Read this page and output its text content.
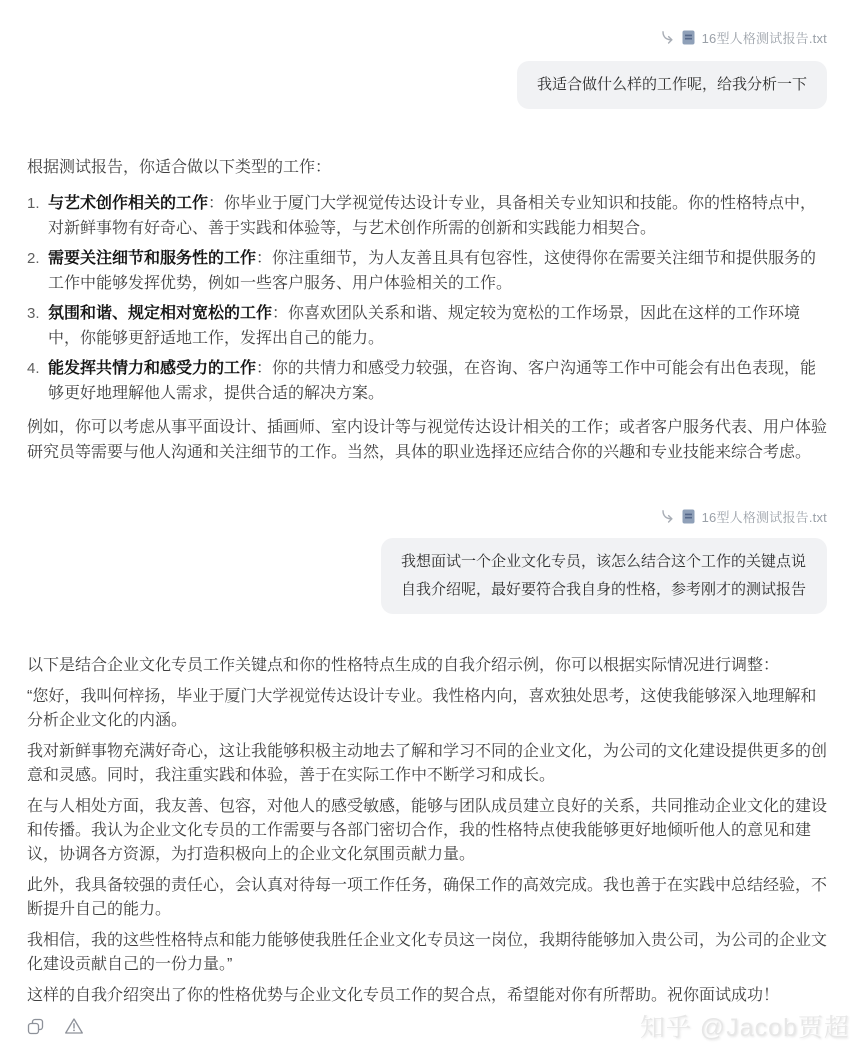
16型人格测试报告.txt
我适合做什么样的工作呢，给我分析一下

根据测试报告，你适合做以下类型的工作：

1. 与艺术创作相关的工作：你毕业于厦门大学视觉传达设计专业，具备相关专业知识和技能。你的性格特点中，对新鲜事物有好奇心、善于实践和体验等，与艺术创作所需的创新和实践能力相契合。
2. 需要关注细节和服务性的工作：你注重细节，为人友善且具有包容性，这使得你在需要关注细节和提供服务的工作中能够发挥优势，例如一些客户服务、用户体验相关的工作。
3. 氛围和谐、规定相对宽松的工作：你喜欢团队关系和谐、规定较为宽松的工作场景，因此在这样的工作环境中，你能够更舒适地工作，发挥出自己的能力。
4. 能发挥共情力和感受力的工作：你的共情力和感受力较强，在咨询、客户沟通等工作中可能会有出色表现，能够更好地理解他人需求，提供合适的解决方案。

例如，你可以考虑从事平面设计、插画师、室内设计等与视觉传达设计相关的工作；或者客户服务代表、用户体验研究员等需要与他人沟通和关注细节的工作。当然，具体的职业选择还应结合你的兴趣和专业技能来综合考虑。

16型人格测试报告.txt
我想面试一个企业文化专员，该怎么结合这个工作的关键点说自我介绍呢，最好要符合我自身的性格，参考刚才的测试报告

以下是结合企业文化专员工作关键点和你的性格特点生成的自我介绍示例，你可以根据实际情况进行调整：

“您好，我叫何梓扬，毕业于厦门大学视觉传达设计专业。我性格内向，喜欢独处思考，这使我能够深入地理解和分析企业文化的内涵。

我对新鲜事物充满好奇心，这让我能够积极主动地去了解和学习不同的企业文化，为公司的文化建设提供更多的创意和灵感。同时，我注重实践和体验，善于在实际工作中不断学习和成长。

在与人相处方面，我友善、包容，对他人的感受敏感，能够与团队成员建立良好的关系，共同推动企业文化的建设和传播。我认为企业文化专员的工作需要与各部门密切合作，我的性格特点使我能够更好地倾听他人的意见和建议，协调各方资源，为打造积极向上的企业文化氛围贡献力量。

此外，我具备较强的责任心，会认真对待每一项工作任务，确保工作的高效完成。我也善于在实践中总结经验，不断提升自己的能力。

我相信，我的这些性格特点和能力能够使我胜任企业文化专员这一岗位，我期待能够加入贵公司，为公司的企业文化建设贡献自己的一份力量。”

这样的自我介绍突出了你的性格优势与企业文化专员工作的契合点，希望能对你有所帮助。祝你面试成功！

知乎 @Jacob贾超
